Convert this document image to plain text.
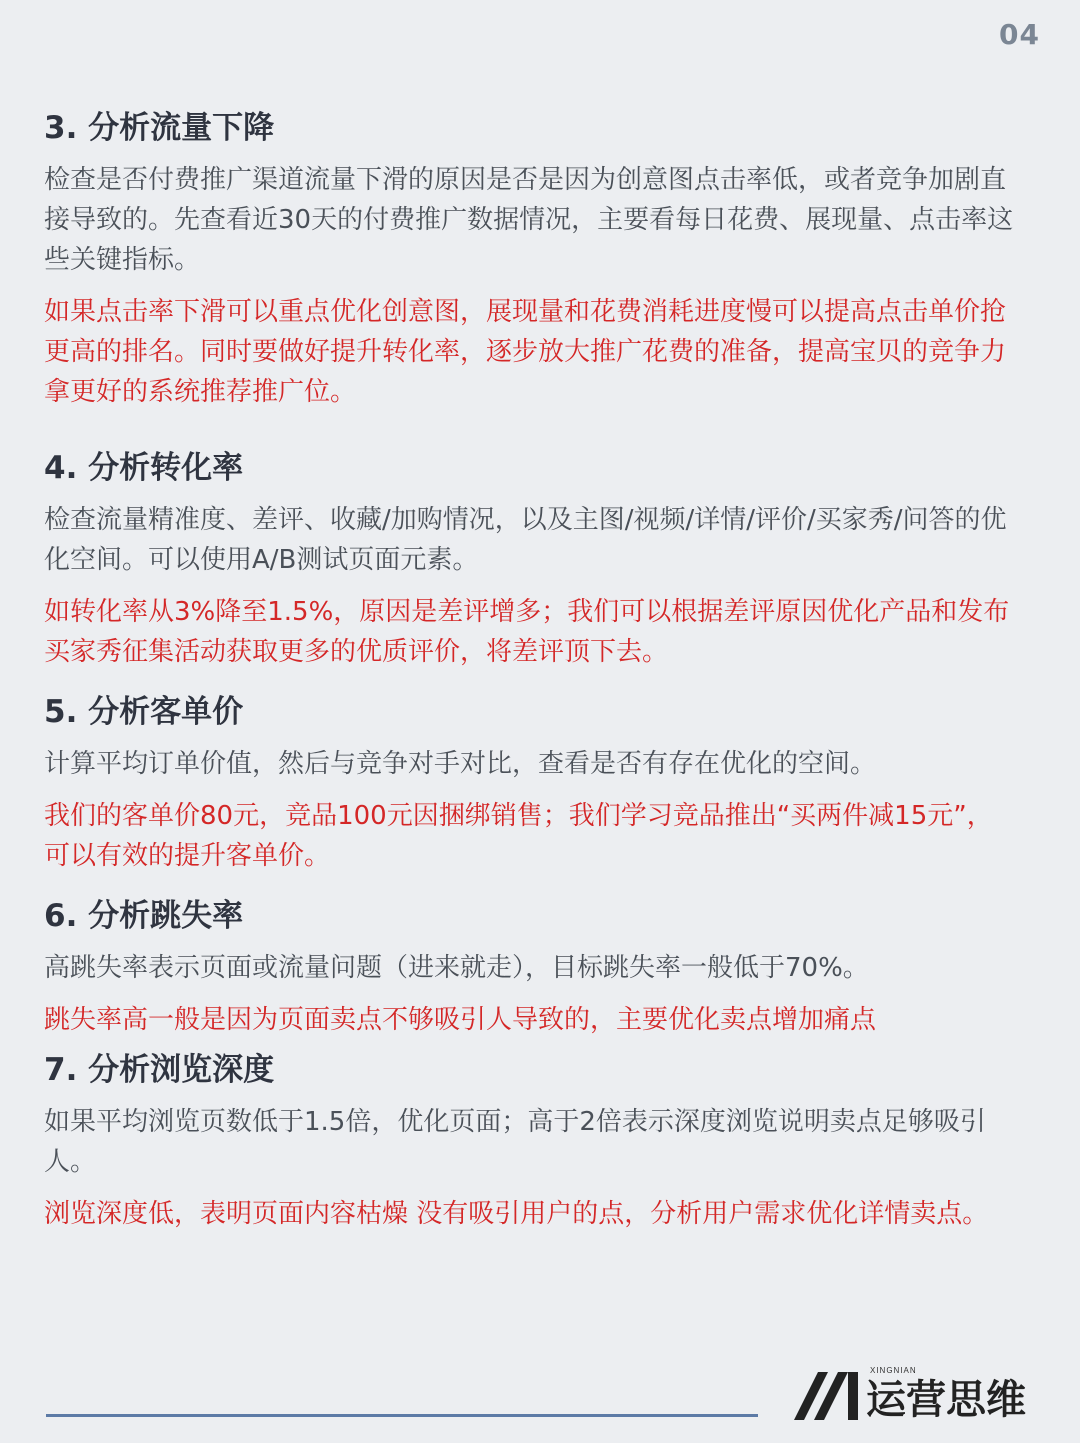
04
3. 分析流量下降
检查是否付费推广渠道流量下滑的原因是否是因为创意图点击率低，或者竞争加剧直接导致的。先查看近30天的付费推广数据情况，主要看每日花费、展现量、点击率这些关键指标。
如果点击率下滑可以重点优化创意图，展现量和花费消耗进度慢可以提高点击单价抢更高的排名。同时要做好提升转化率，逐步放大推广花费的准备，提高宝贝的竞争力拿更好的系统推荐推广位。
4. 分析转化率
检查流量精准度、差评、收藏/加购情况，以及主图/视频/详情/评价/买家秀/问答的优化空间。可以使用A/B测试页面元素。
如转化率从3%降至1.5%，原因是差评增多；我们可以根据差评原因优化产品和发布买家秀征集活动获取更多的优质评价，将差评顶下去。
5. 分析客单价
计算平均订单价值，然后与竞争对手对比，查看是否有存在优化的空间。
我们的客单价80元，竞品100元因捆绑销售；我们学习竞品推出“买两件减15元”，可以有效的提升客单价。
6. 分析跳失率
高跳失率表示页面或流量问题（进来就走），目标跳失率一般低于70%。
跳失率高一般是因为页面卖点不够吸引人导致的，主要优化卖点增加痛点
7. 分析浏览深度
如果平均浏览页数低于1.5倍，优化页面；高于2倍表示深度浏览说明卖点足够吸引人。
浏览深度低，表明页面内容枯燥 没有吸引用户的点，分析用户需求优化详情卖点。
XINGNIAN
运营思维
